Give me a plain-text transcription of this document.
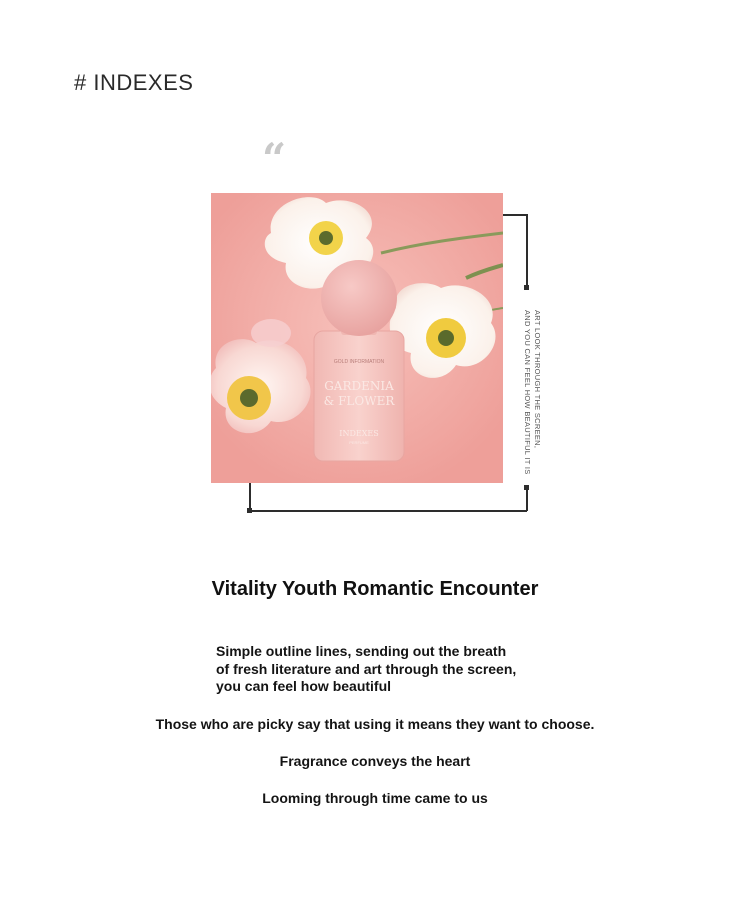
# INDEXES
“
GOLD INFORMATION
GARDENIA
& FLOWER
INDEXES
PERFUME	ART LOOK THROUGH THE SCREEN,
AND YOU CAN FEEL HOW BEAUTIFUL IT IS
Vitality Youth Romantic Encounter
Simple outline lines, sending out the breath
of fresh literature and art through the screen,
you can feel how beautiful
Those who are picky say that using it means they want to choose.
Fragrance conveys the heart
Looming through time came to us
